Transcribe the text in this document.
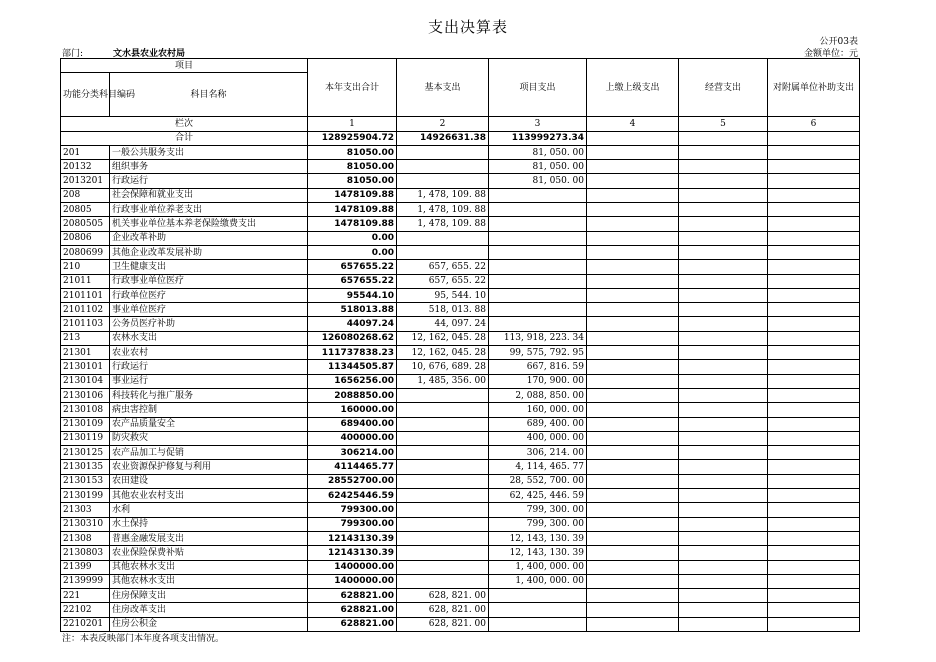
支出决算表
公开03表
部门:	文水县农业农村局	金额单位：元
项目		本年支出合计	基本支出	项目支出	上缴上级支出	经营支出	对附属单位补助支出
功能分类科目编码	科目名称						
栏次		1	2	3	4	5	6
合计		128925904.72	14926631.38	113999273.34			
201	一般公共服务支出	81050.00		81, 050. 00			
20132	组织事务	81050.00		81, 050. 00			
2013201	行政运行	81050.00		81, 050. 00			
208	社会保障和就业支出	1478109.88	1, 478, 109. 88				
20805	行政事业单位养老支出	1478109.88	1, 478, 109. 88				
2080505	机关事业单位基本养老保险缴费支出	1478109.88	1, 478, 109. 88				
20806	企业改革补助	0.00					
2080699	其他企业改革发展补助	0.00					
210	卫生健康支出	657655.22	657, 655. 22				
21011	行政事业单位医疗	657655.22	657, 655. 22				
2101101	行政单位医疗	95544.10	95, 544. 10				
2101102	事业单位医疗	518013.88	518, 013. 88				
2101103	公务员医疗补助	44097.24	44, 097. 24				
213	农林水支出	126080268.62	12, 162, 045. 28	113, 918, 223. 34			
21301	农业农村	111737838.23	12, 162, 045. 28	99, 575, 792. 95			
2130101	行政运行	11344505.87	10, 676, 689. 28	667, 816. 59			
2130104	事业运行	1656256.00	1, 485, 356. 00	170, 900. 00			
2130106	科技转化与推广服务	2088850.00		2, 088, 850. 00			
2130108	病虫害控制	160000.00		160, 000. 00			
2130109	农产品质量安全	689400.00		689, 400. 00			
2130119	防灾救灾	400000.00		400, 000. 00			
2130125	农产品加工与促销	306214.00		306, 214. 00			
2130135	农业资源保护修复与利用	4114465.77		4, 114, 465. 77			
2130153	农田建设	28552700.00		28, 552, 700. 00			
2130199	其他农业农村支出	62425446.59		62, 425, 446. 59			
21303	水利	799300.00		799, 300. 00			
2130310	水土保持	799300.00		799, 300. 00			
21308	普惠金融发展支出	12143130.39		12, 143, 130. 39			
2130803	农业保险保费补贴	12143130.39		12, 143, 130. 39			
21399	其他农林水支出	1400000.00		1, 400, 000. 00			
2139999	其他农林水支出	1400000.00		1, 400, 000. 00			
221	住房保障支出	628821.00	628, 821. 00				
22102	住房改革支出	628821.00	628, 821. 00				
2210201	住房公积金	628821.00	628, 821. 00				
注：本表反映部门本年度各项支出情况。
